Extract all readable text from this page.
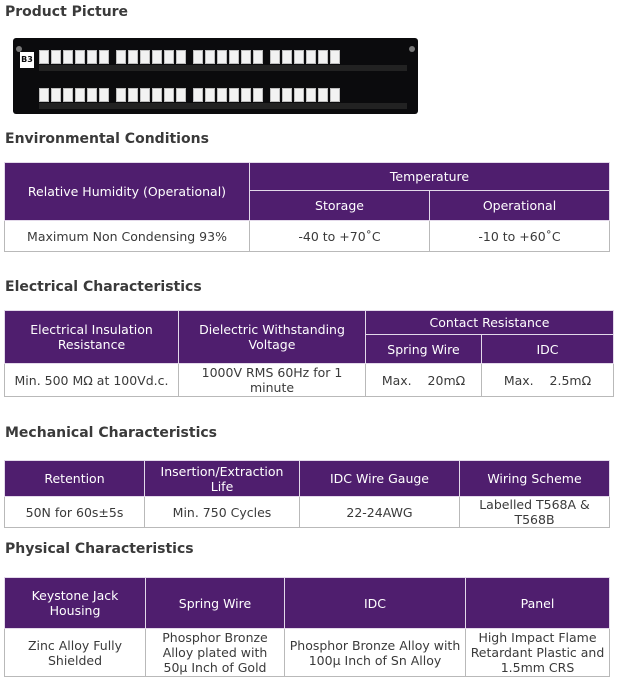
Product Picture
B3
Environmental Conditions
Relative Humidity (Operational)	Temperature	
	Storage	Operational
Maximum Non Condensing 93%	-40 to +70˚C	-10 to +60˚C
Electrical Characteristics
Electrical Insulation Resistance	Dielectric Withstanding Voltage	Contact Resistance	
		Spring Wire	IDC
Min. 500 MΩ at 100Vd.c.	1000V RMS 60Hz for 1 minute	Max.    20mΩ	Max.    2.5mΩ
Mechanical Characteristics
Retention	Insertion/Extraction Life	IDC Wire Gauge	Wiring Scheme
50N for 60s±5s	Min. 750 Cycles	22-24AWG	Labelled T568A & T568B
Physical Characteristics
Keystone Jack Housing	Spring Wire	IDC	Panel
Zinc Alloy Fully Shielded	Phosphor Bronze Alloy plated with 50μ Inch of Gold	Phosphor Bronze Alloy with 100μ Inch of Sn Alloy	High Impact Flame Retardant Plastic and 1.5mm CRS
